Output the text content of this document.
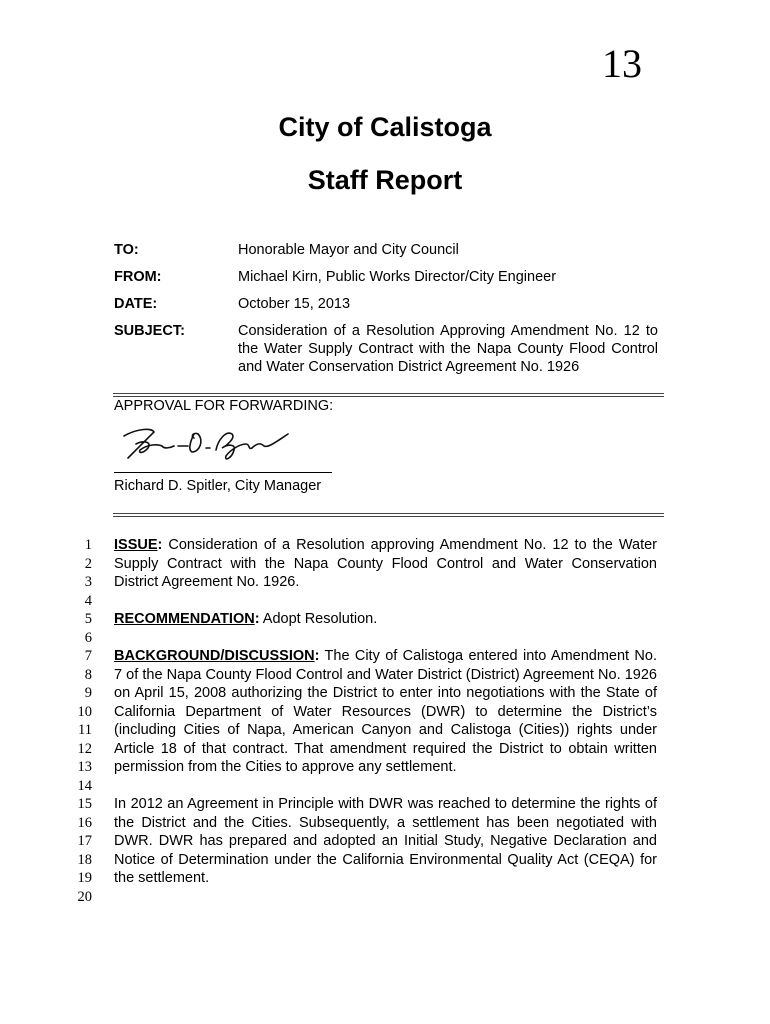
13
City of Calistoga
Staff Report
TO:	Honorable Mayor and City Council
FROM:	Michael Kirn, Public Works Director/City Engineer
DATE:	October 15, 2013
SUBJECT:	Consideration of a Resolution Approving Amendment No. 12 to the Water Supply Contract with the Napa County Flood Control and Water Conservation District Agreement No. 1926
APPROVAL FOR FORWARDING:
Richard D. Spitler, City Manager
1
2
3
4
5
6
7
8
9
10
11
12
13
14
15
16
17
18
19
20

ISSUE: Consideration of a Resolution approving Amendment No. 12 to the Water Supply Contract with the Napa County Flood Control and Water Conservation District Agreement No. 1926.

RECOMMENDATION: Adopt Resolution.

BACKGROUND/DISCUSSION: The City of Calistoga entered into Amendment No. 7 of the Napa County Flood Control and Water District (District) Agreement No. 1926 on April 15, 2008 authorizing the District to enter into negotiations with the State of California Department of Water Resources (DWR) to determine the District’s (including Cities of Napa, American Canyon and Calistoga (Cities)) rights under Article 18 of that contract. That amendment required the District to obtain written permission from the Cities to approve any settlement.

In 2012 an Agreement in Principle with DWR was reached to determine the rights of the District and the Cities. Subsequently, a settlement has been negotiated with DWR. DWR has prepared and adopted an Initial Study, Negative Declaration and Notice of Determination under the California Environmental Quality Act (CEQA) for the settlement.
